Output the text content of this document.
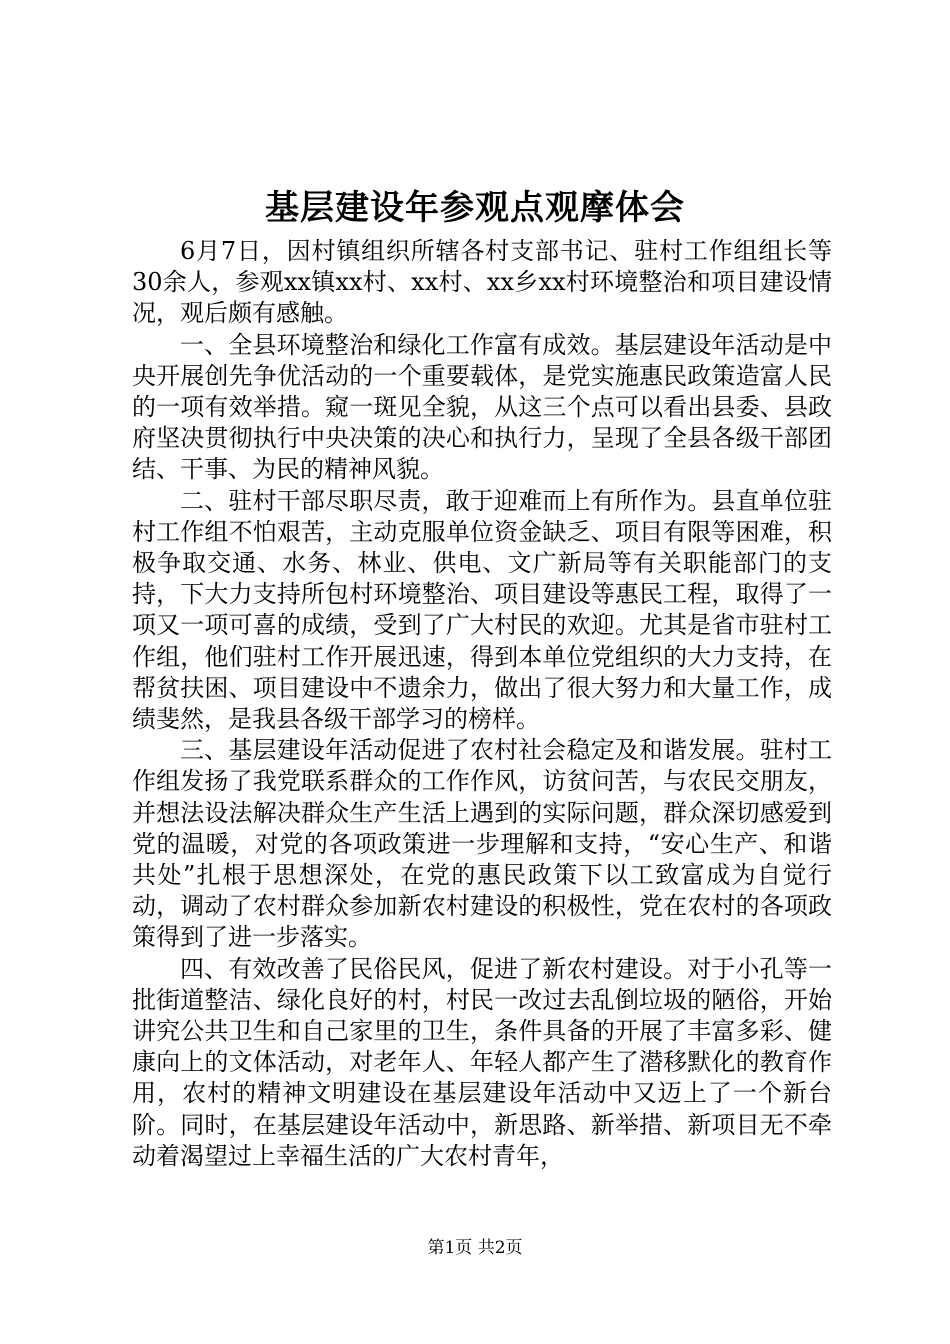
基层建设年参观点观摩体会

6月7日，因村镇组织所辖各村支部书记、驻村工作组组长等30余人，参观xx镇xx村、xx村、xx乡xx村环境整治和项目建设情况，观后颇有感触。

一、全县环境整治和绿化工作富有成效。基层建设年活动是中央开展创先争优活动的一个重要载体，是党实施惠民政策造富人民的一项有效举措。窥一斑见全貌，从这三个点可以看出县委、县政府坚决贯彻执行中央决策的决心和执行力，呈现了全县各级干部团结、干事、为民的精神风貌。

二、驻村干部尽职尽责，敢于迎难而上有所作为。县直单位驻村工作组不怕艰苦，主动克服单位资金缺乏、项目有限等困难，积极争取交通、水务、林业、供电、文广新局等有关职能部门的支持，下大力支持所包村环境整治、项目建设等惠民工程，取得了一项又一项可喜的成绩，受到了广大村民的欢迎。尤其是省市驻村工作组，他们驻村工作开展迅速，得到本单位党组织的大力支持，在帮贫扶困、项目建设中不遗余力，做出了很大努力和大量工作，成绩斐然，是我县各级干部学习的榜样。

三、基层建设年活动促进了农村社会稳定及和谐发展。驻村工作组发扬了我党联系群众的工作作风，访贫问苦，与农民交朋友，并想法设法解决群众生产生活上遇到的实际问题，群众深切感爱到党的温暖，对党的各项政策进一步理解和支持，“安心生产、和谐共处”扎根于思想深处，在党的惠民政策下以工致富成为自觉行动，调动了农村群众参加新农村建设的积极性，党在农村的各项政策得到了进一步落实。

四、有效改善了民俗民风，促进了新农村建设。对于小孔等一批街道整洁、绿化良好的村，村民一改过去乱倒垃圾的陋俗，开始讲究公共卫生和自己家里的卫生，条件具备的开展了丰富多彩、健康向上的文体活动，对老年人、年轻人都产生了潜移默化的教育作用，农村的精神文明建设在基层建设年活动中又迈上了一个新台阶。同时，在基层建设年活动中，新思路、新举措、新项目无不牵动着渴望过上幸福生活的广大农村青年，

第1页 共2页
